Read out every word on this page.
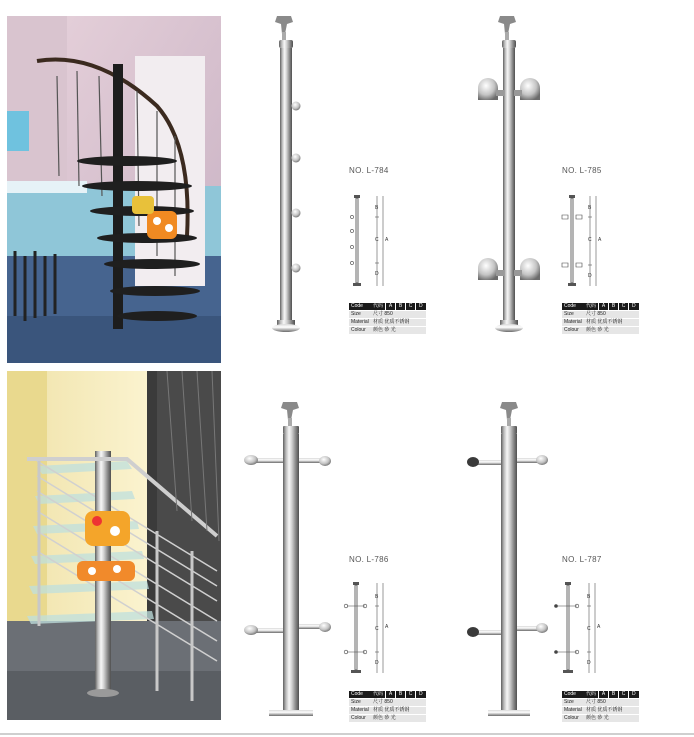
NO. L-784
B
C A
D
Code	代码	A	B	C	D
Size	尺寸 850				
Material	材质 优质不锈钢				
Colour	颜色 砂 光				
NO. L-785
B
C A
D
Code	代码	A	B	C	D
Size	尺寸 850				
Material	材质 优质不锈钢				
Colour	颜色 砂 光				
NO. L-786
B
C A
D
Code	代码	A	B	C	D
Size	尺寸 850				
Material	材质 优质不锈钢				
Colour	颜色 砂 光				
NO. L-787
B
C A
D
Code	代码	A	B	C	D
Size	尺寸 850				
Material	材质 优质不锈钢				
Colour	颜色 砂 光				
